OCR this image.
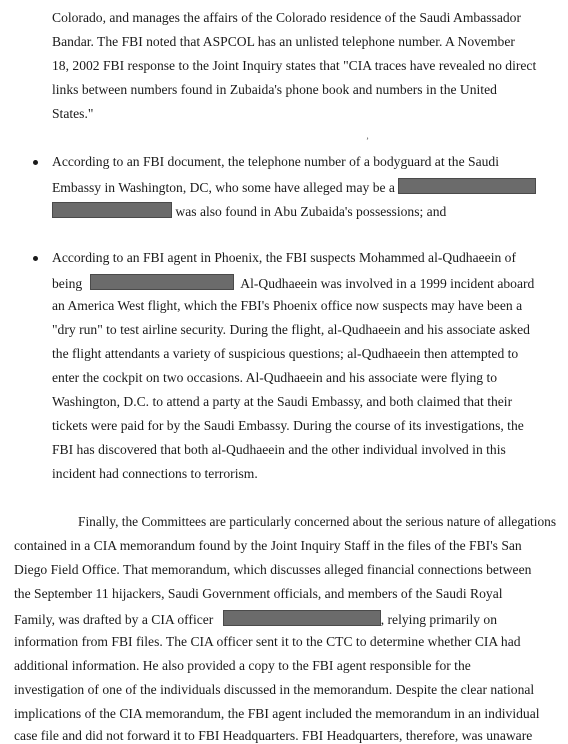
Colorado, and manages the affairs of the Colorado residence of the Saudi Ambassador
Bandar. The FBI noted that ASPCOL has an unlisted telephone number. A November
18, 2002 FBI response to the Joint Inquiry states that "CIA traces have revealed no direct
links between numbers found in Zubaida's phone book and numbers in the United
States."
ʼ
According to an FBI document, the telephone number of a bodyguard at the Saudi
Embassy in Washington, DC, who some have alleged may be a
was also found in Abu Zubaida's possessions; and
According to an FBI agent in Phoenix, the FBI suspects Mohammed al-Qudhaeein of
being	Al-Qudhaeein was involved in a 1999 incident aboard
an America West flight, which the FBI's Phoenix office now suspects may have been a
"dry run" to test airline security. During the flight, al-Qudhaeein and his associate asked
the flight attendants a variety of suspicious questions; al-Qudhaeein then attempted to
enter the cockpit on two occasions. Al-Qudhaeein and his associate were flying to
Washington, D.C. to attend a party at the Saudi Embassy, and both claimed that their
tickets were paid for by the Saudi Embassy. During the course of its investigations, the
FBI has discovered that both al-Qudhaeein and the other individual involved in this
incident had connections to terrorism.
Finally, the Committees are particularly concerned about the serious nature of allegations
contained in a CIA memorandum found by the Joint Inquiry Staff in the files of the FBI's San
Diego Field Office. That memorandum, which discusses alleged financial connections between
the September 11 hijackers, Saudi Government officials, and members of the Saudi Royal
Family, was drafted by a CIA officer	, relying primarily on
information from FBI files. The CIA officer sent it to the CTC to determine whether CIA had
additional information. He also provided a copy to the FBI agent responsible for the
investigation of one of the individuals discussed in the memorandum. Despite the clear national
implications of the CIA memorandum, the FBI agent included the memorandum in an individual
case file and did not forward it to FBI Headquarters. FBI Headquarters, therefore, was unaware
